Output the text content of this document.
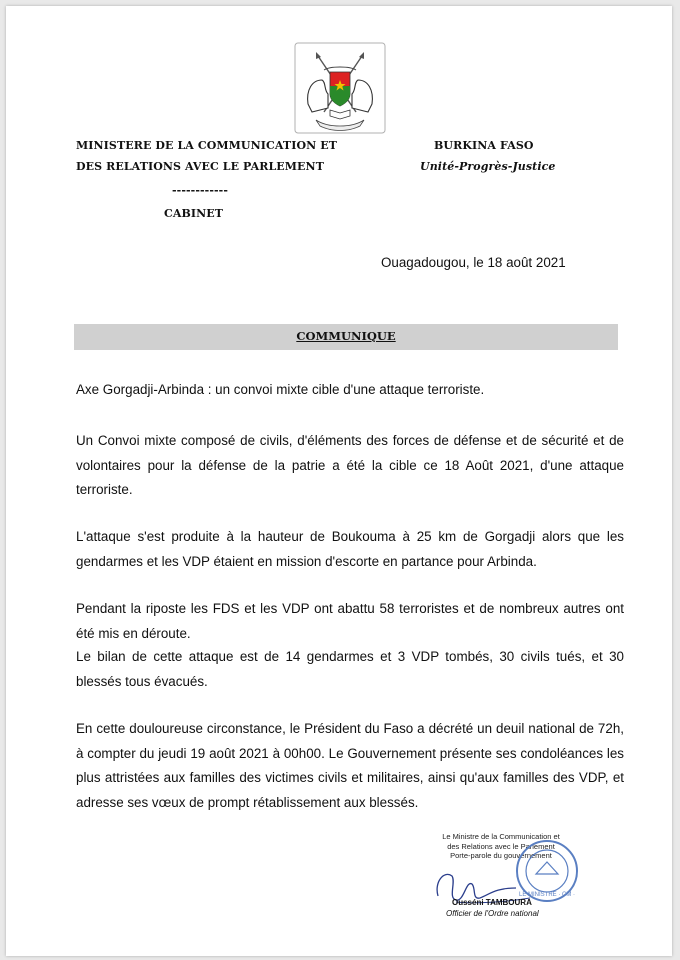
MINISTERE DE LA COMMUNICATION ET
DES RELATIONS AVEC LE PARLEMENT
------------
CABINET
BURKINA FASO
Unité-Progrès-Justice
Ouagadougou, le 18 août 2021
COMMUNIQUE
Axe Gorgadji-Arbinda : un convoi mixte cible d'une attaque terroriste.
Un Convoi mixte composé de civils, d'éléments des forces de défense et de sécurité et de volontaires pour la défense de la patrie a été la cible ce 18 Août 2021, d'une attaque terroriste.
L'attaque s'est produite à la hauteur de Boukouma à 25 km de Gorgadji alors que les gendarmes et les VDP étaient en mission d'escorte en partance pour Arbinda.
Pendant la riposte les FDS et les VDP ont abattu 58 terroristes et de nombreux autres ont été mis en déroute.
Le bilan de cette attaque est de 14 gendarmes et 3 VDP tombés, 30 civils tués, et 30 blessés tous évacués.
En cette douloureuse circonstance, le Président du Faso a décrété un deuil national de 72h, à compter du jeudi 19 août 2021 à 00h00. Le Gouvernement présente ses condoléances les plus attristées aux familles des victimes civils et militaires, ainsi qu'aux familles des VDP, et adresse ses vœux de prompt rétablissement aux blessés.
Le Ministre de la Communication et
des Relations avec le Parlement
Porte-parole du gouvernement
LE MINISTRE · CM ·
Ousséni TAMBOURA
Officier de l'Ordre national
